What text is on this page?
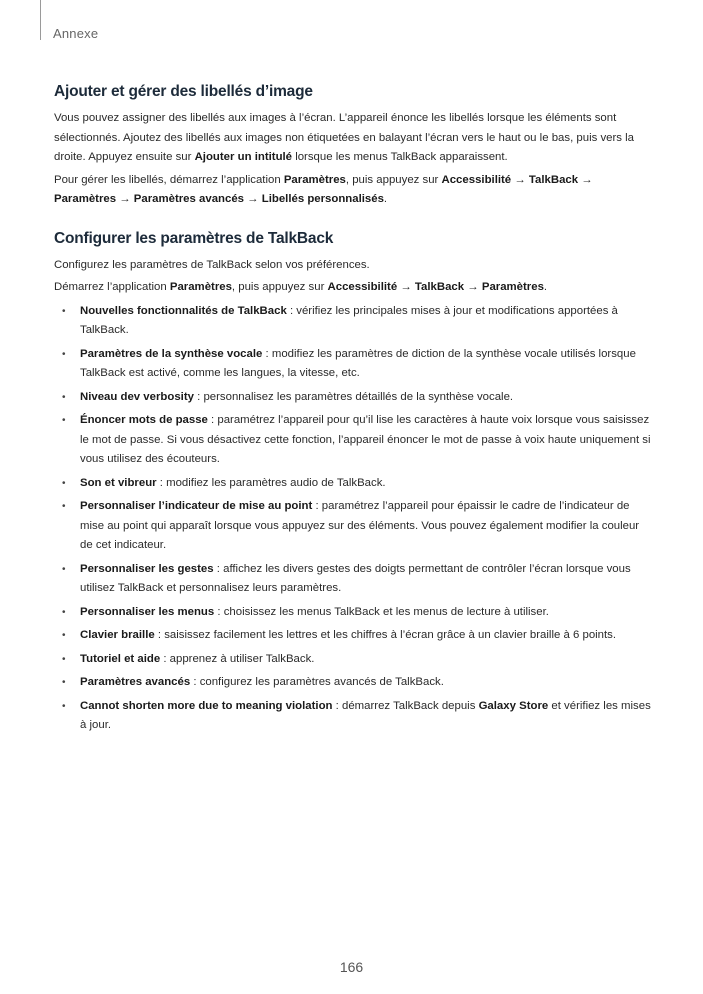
Annexe
Ajouter et gérer des libellés d’image

Vous pouvez assigner des libellés aux images à l’écran. L’appareil énonce les libellés lorsque les éléments sont sélectionnés. Ajoutez des libellés aux images non étiquetées en balayant l’écran vers le haut ou le bas, puis vers la droite. Appuyez ensuite sur Ajouter un intitulé lorsque les menus TalkBack apparaissent.

Pour gérer les libellés, démarrez l’application Paramètres, puis appuyez sur Accessibilité → TalkBack → Paramètres → Paramètres avancés → Libellés personnalisés.

Configurer les paramètres de TalkBack

Configurez les paramètres de TalkBack selon vos préférences.

Démarrez l’application Paramètres, puis appuyez sur Accessibilité → TalkBack → Paramètres.

• Nouvelles fonctionnalités de TalkBack : vérifiez les principales mises à jour et modifications apportées à TalkBack.
• Paramètres de la synthèse vocale : modifiez les paramètres de diction de la synthèse vocale utilisés lorsque TalkBack est activé, comme les langues, la vitesse, etc.
• Niveau dev verbosity : personnalisez les paramètres détaillés de la synthèse vocale.
• Énoncer mots de passe : paramétrez l’appareil pour qu’il lise les caractères à haute voix lorsque vous saisissez le mot de passe. Si vous désactivez cette fonction, l’appareil énoncer le mot de passe à voix haute uniquement si vous utilisez des écouteurs.
• Son et vibreur : modifiez les paramètres audio de TalkBack.
• Personnaliser l’indicateur de mise au point : paramétrez l’appareil pour épaissir le cadre de l’indicateur de mise au point qui apparaît lorsque vous appuyez sur des éléments. Vous pouvez également modifier la couleur de cet indicateur.
• Personnaliser les gestes : affichez les divers gestes des doigts permettant de contrôler l’écran lorsque vous utilisez TalkBack et personnalisez leurs paramètres.
• Personnaliser les menus : choisissez les menus TalkBack et les menus de lecture à utiliser.
• Clavier braille : saisissez facilement les lettres et les chiffres à l’écran grâce à un clavier braille à 6 points.
• Tutoriel et aide : apprenez à utiliser TalkBack.
• Paramètres avancés : configurez les paramètres avancés de TalkBack.
• Cannot shorten more due to meaning violation : démarrez TalkBack depuis Galaxy Store et vérifiez les mises à jour.
166
